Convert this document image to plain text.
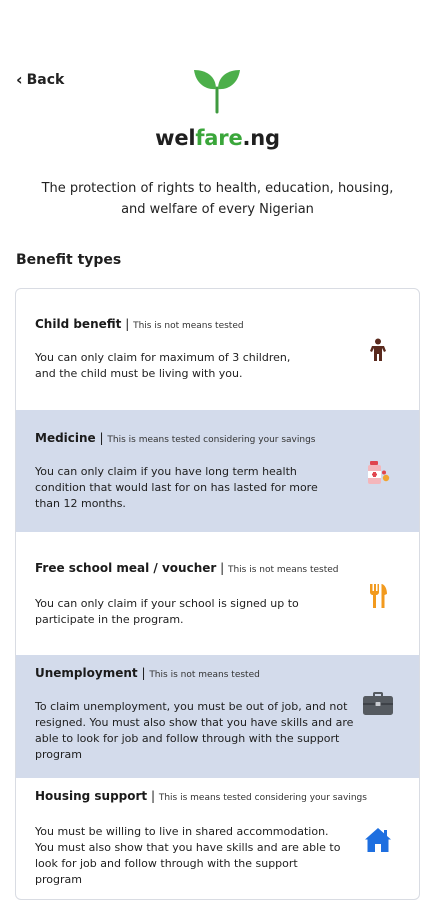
‹ Back
welfare.ng
The protection of rights to health, education, housing, and welfare of every Nigerian
Benefit types
Child benefit | This is not means tested
You can only claim for maximum of 3 children, and the child must be living with you.
Medicine | This is means tested considering your savings
You can only claim if you have long term health condition that would last for on has lasted for more than 12 months.
Free school meal / voucher | This is not means tested
You can only claim if your school is signed up to participate in the program.
Unemployment | This is not means tested
To claim unemployment, you must be out of job, and not resigned. You must also show that you have skills and are able to look for job and follow through with the support program
Housing support | This is means tested considering your savings
You must be willing to live in shared accommodation. You must also show that you have skills and are able to look for job and follow through with the support program
